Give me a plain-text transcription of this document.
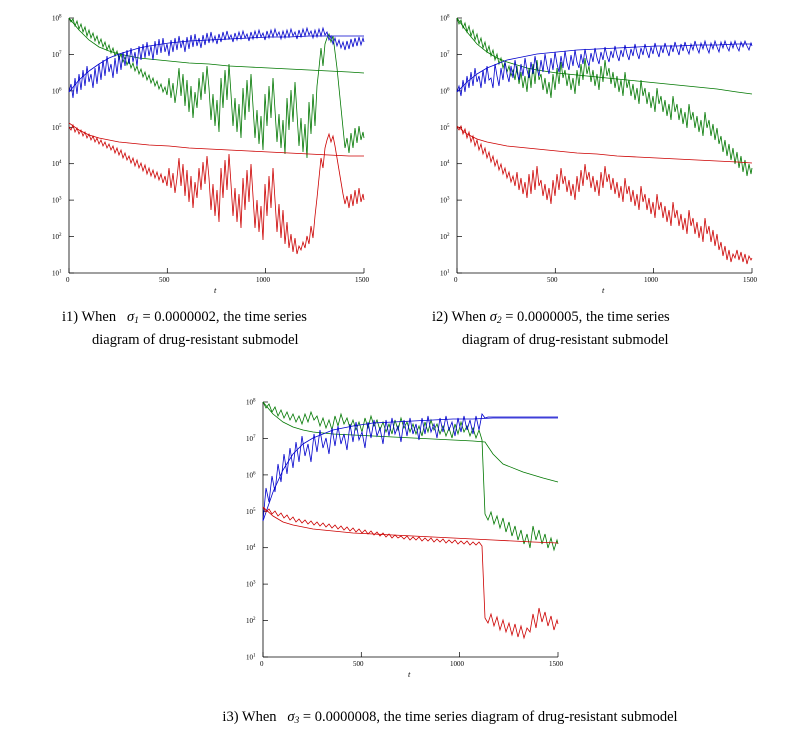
$10^1$
$10^2$
$10^3$
$10^4$
$10^5$
$10^6$
$10^7$
$10^8$
0	500	1000	1500
t
i1) When $\sigma_1 = 0.0000002$, the time series
diagram of drug-resistant submodel
$10^1$
$10^2$
$10^3$
$10^4$
$10^5$
$10^6$
$10^7$
$10^8$
0	500	1000	1500
t
i2) When $\sigma_2 = 0.0000005$, the time series
diagram of drug-resistant submodel
$10^1$
$10^2$
$10^3$
$10^4$
$10^5$
$10^6$
$10^7$
$10^8$
0	500	1000	1500
t
i3) When $\sigma_3 = 0.0000008$, the time series diagram of drug-resistant submodel
